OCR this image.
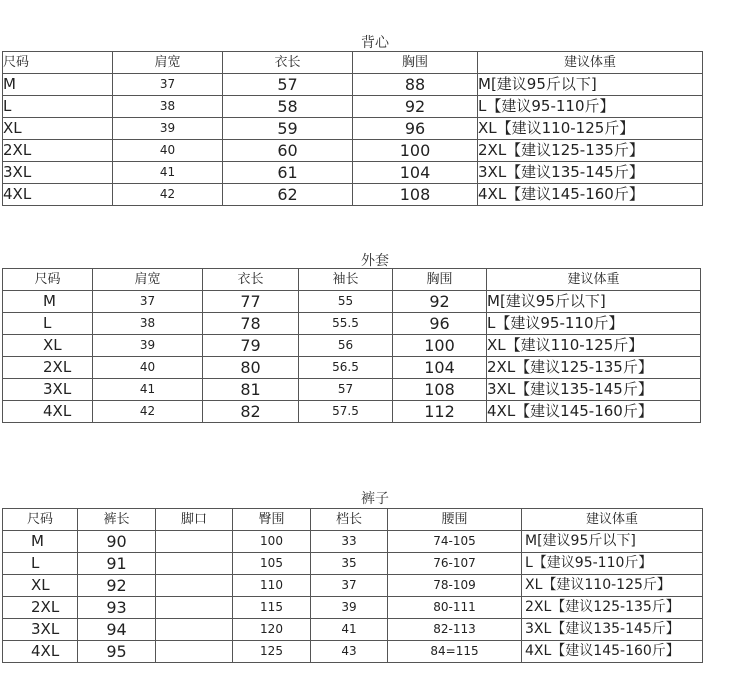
背心
尺码	肩宽	衣长	胸围	建议体重
M	37	57	88	M[建议95斤以下]
L	38	58	92	L【建议95-110斤】
XL	39	59	96	XL【建议110-125斤】
2XL	40	60	100	2XL【建议125-135斤】
3XL	41	61	104	3XL【建议135-145斤】
4XL	42	62	108	4XL【建议145-160斤】
外套
尺码	肩宽	衣长	袖长	胸围	建议体重
M	37	77	55	92	M[建议95斤以下]
L	38	78	55.5	96	L【建议95-110斤】
XL	39	79	56	100	XL【建议110-125斤】
2XL	40	80	56.5	104	2XL【建议125-135斤】
3XL	41	81	57	108	3XL【建议135-145斤】
4XL	42	82	57.5	112	4XL【建议145-160斤】
裤子
尺码	裤长	脚口	臀围	档长	腰围	建议体重
M	90		100	33	74-105	M[建议95斤以下]
L	91		105	35	76-107	L【建议95-110斤】
XL	92		110	37	78-109	XL【建议110-125斤】
2XL	93		115	39	80-111	2XL【建议125-135斤】
3XL	94		120	41	82-113	3XL【建议135-145斤】
4XL	95		125	43	84=115	4XL【建议145-160斤】
